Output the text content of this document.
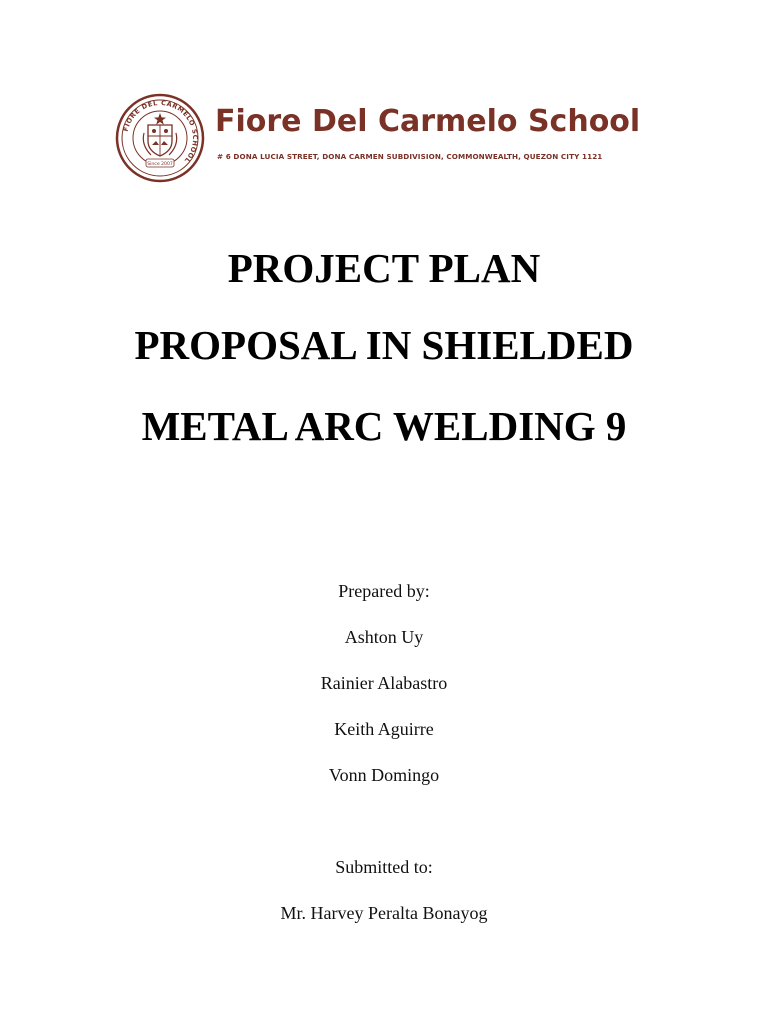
FIORE DEL CARMELO SCHOOL
Since 2007
Fiore Del Carmelo School
# 6 DONA LUCIA STREET, DONA CARMEN SUBDIVISION, COMMONWEALTH, QUEZON CITY 1121
PROJECT PLAN
PROPOSAL IN SHIELDED
METAL ARC WELDING 9
Prepared by:
Ashton Uy
Rainier Alabastro
Keith Aguirre
Vonn Domingo
Submitted to:
Mr. Harvey Peralta Bonayog
